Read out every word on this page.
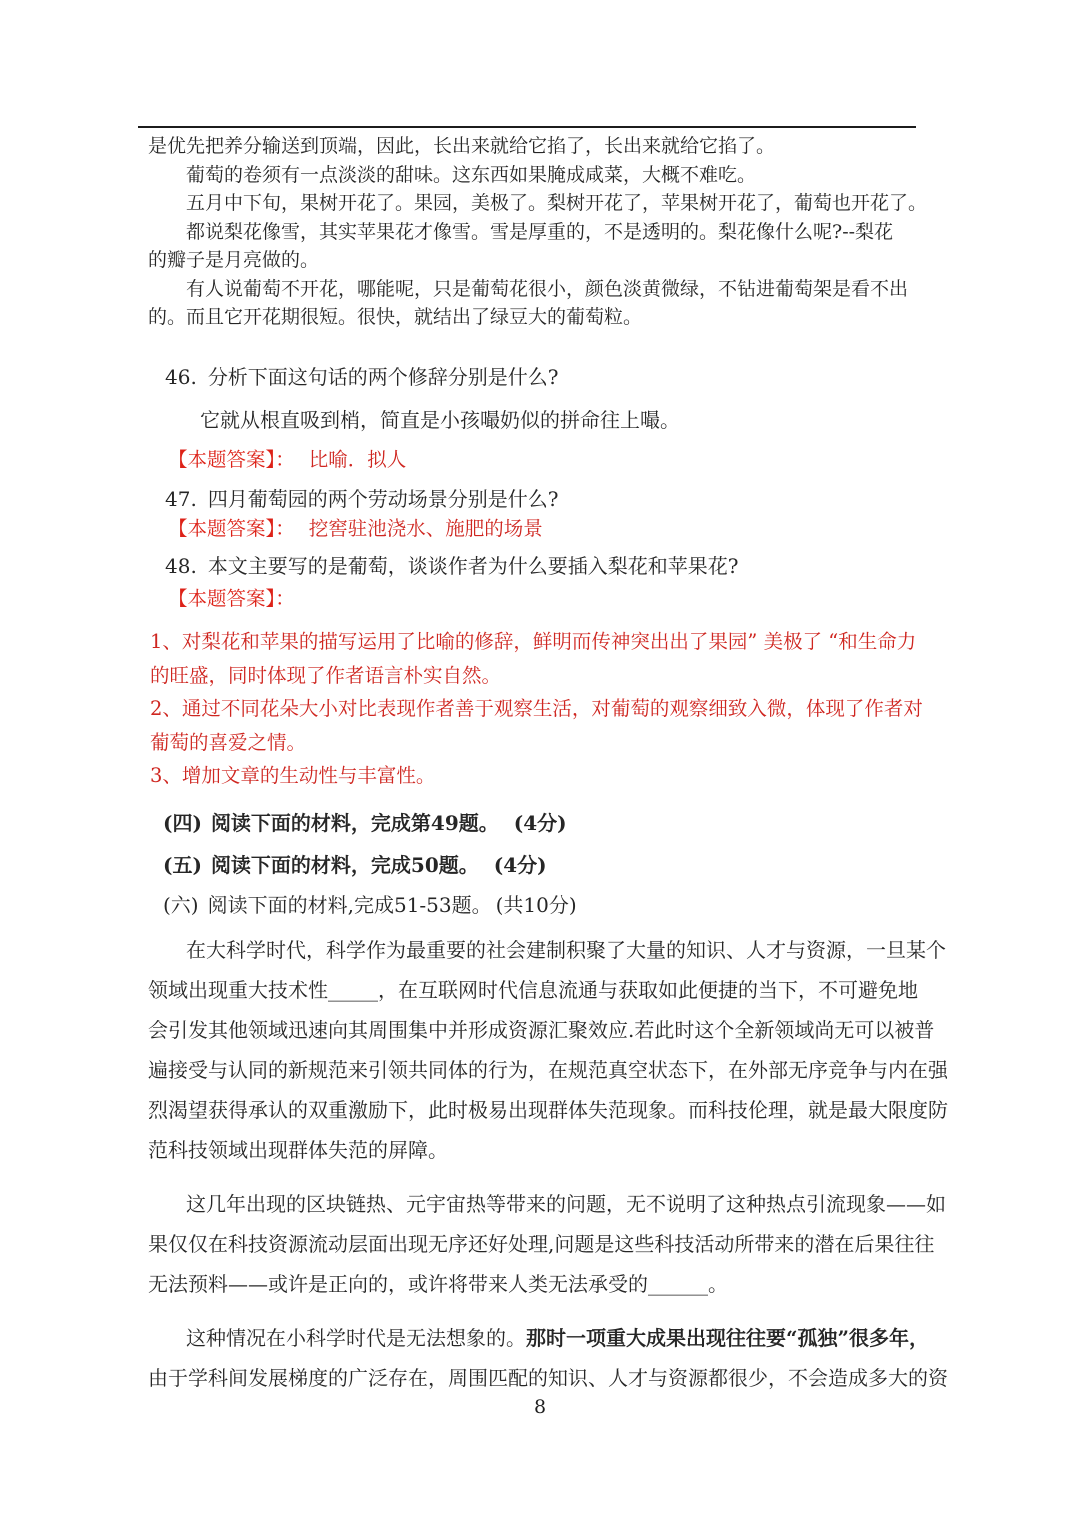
是优先把养分输送到顶端，因此，长出来就给它掐了，长出来就给它掐了。
葡萄的卷须有一点淡淡的甜味。这东西如果腌成咸菜，大概不难吃。
五月中下旬，果树开花了。果园，美极了。梨树开花了，苹果树开花了，葡萄也开花了。
都说梨花像雪，其实苹果花才像雪。雪是厚重的，不是透明的。梨花像什么呢?--梨花
的瓣子是月亮做的。
有人说葡萄不开花，哪能呢，只是葡萄花很小，颜色淡黄微绿，不钻进葡萄架是看不出
的。而且它开花期很短。很快，就结出了绿豆大的葡萄粒。
46. 分析下面这句话的两个修辞分别是什么?
它就从根直吸到梢，简直是小孩嘬奶似的拼命往上嘬。
【本题答案】： 比喻．拟人
47. 四月葡萄园的两个劳动场景分别是什么?
【本题答案】： 挖窖驻池浇水、施肥的场景
48. 本文主要写的是葡萄，谈谈作者为什么要插入梨花和苹果花?
【本题答案】：
1、对梨花和苹果的描写运用了比喻的修辞，鲜明而传神突出出了果园” 美极了 “和生命力
的旺盛，同时体现了作者语言朴实自然。
2、通过不同花朵大小对比表现作者善于观察生活，对葡萄的观察细致入微，体现了作者对
葡萄的喜爱之情。
3、增加文章的生动性与丰富性。
(四) 阅读下面的材料，完成第49题。 (4分)
(五) 阅读下面的材料，完成50题。 (4分)
(六) 阅读下面的材料,完成51-53题。 (共10分)
在大科学时代，科学作为最重要的社会建制积聚了大量的知识、人才与资源，一旦某个
领域出现重大技术性_____，在互联网时代信息流通与获取如此便捷的当下，不可避免地
会引发其他领域迅速向其周围集中并形成资源汇聚效应.若此时这个全新领域尚无可以被普
遍接受与认同的新规范来引领共同体的行为，在规范真空状态下，在外部无序竞争与内在强
烈渴望获得承认的双重激励下，此时极易出现群体失范现象。而科技伦理，就是最大限度防
范科技领域出现群体失范的屏障。
这几年出现的区块链热、元宇宙热等带来的问题，无不说明了这种热点引流现象——如
果仅仅在科技资源流动层面出现无序还好处理,问题是这些科技活动所带来的潜在后果往往
无法预料——或许是正向的，或许将带来人类无法承受的______。
这种情况在小科学时代是无法想象的。那时一项重大成果出现往往要“孤独”很多年，
由于学科间发展梯度的广泛存在，周围匹配的知识、人才与资源都很少，不会造成多大的资
8
